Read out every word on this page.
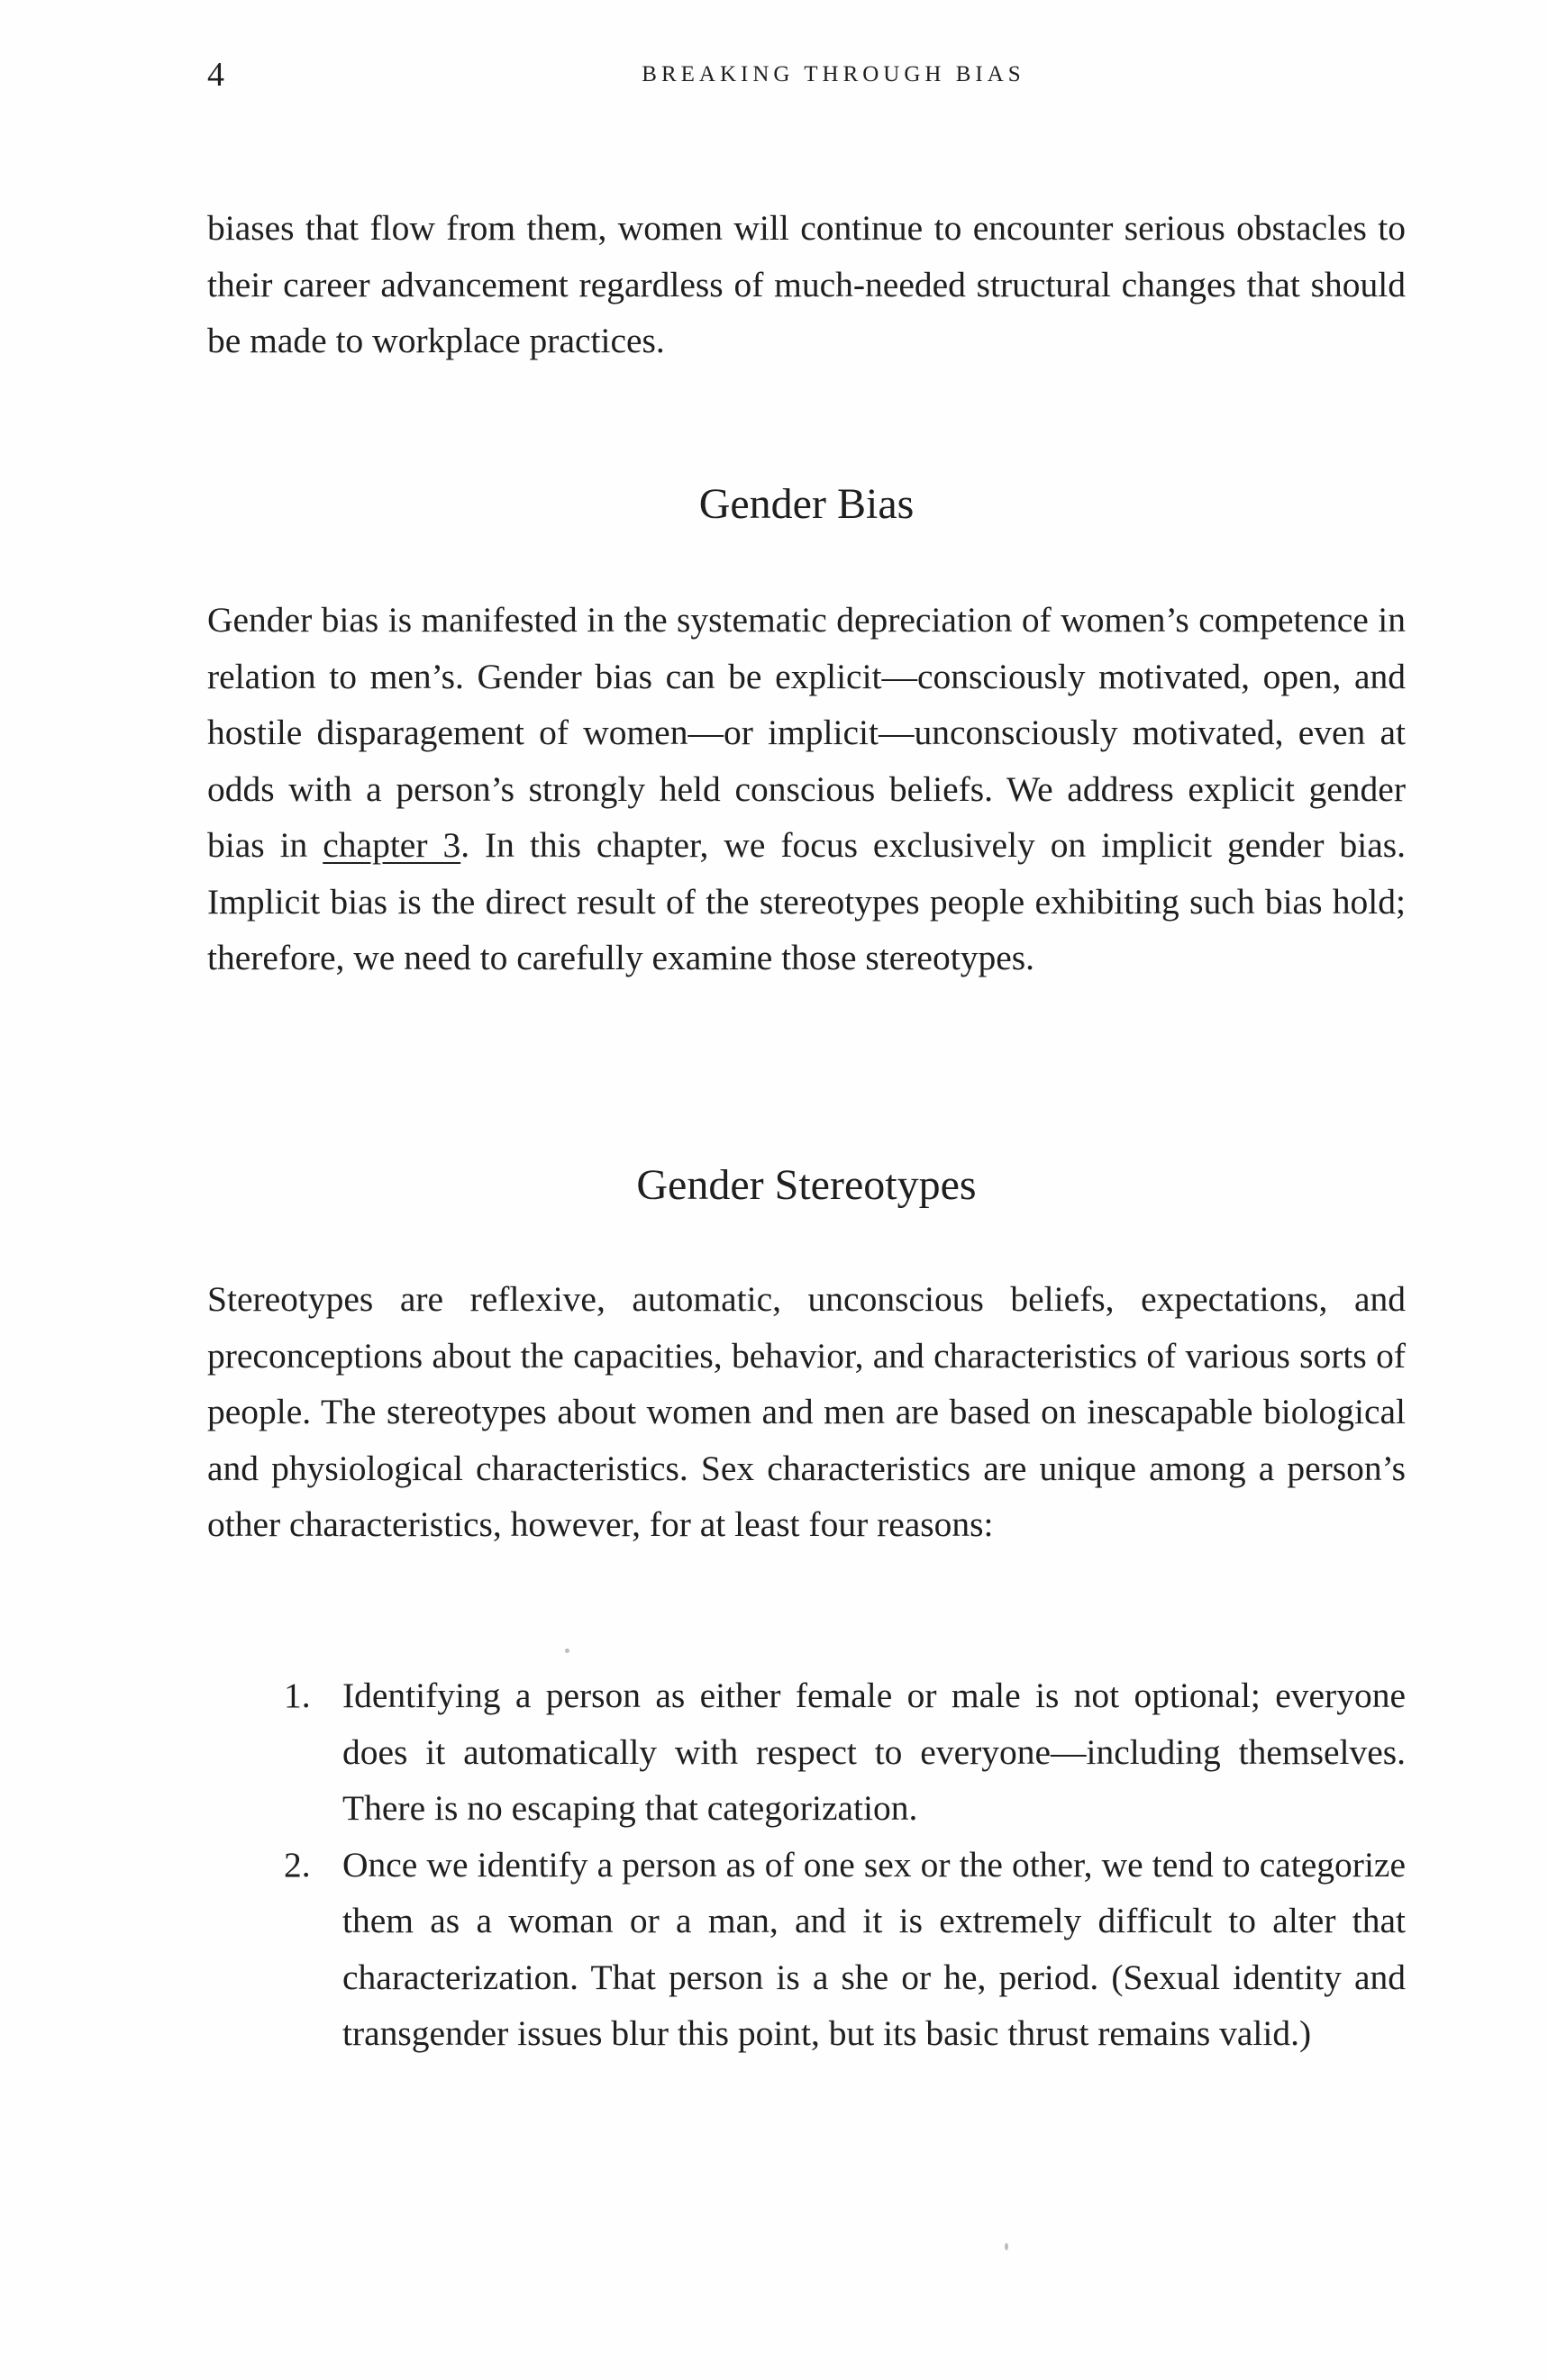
4	BREAKING THROUGH BIAS

biases that flow from them, women will continue to encounter serious obstacles to their career advancement regardless of much-needed structural changes that should be made to workplace practices.

Gender Bias

Gender bias is manifested in the systematic depreciation of women’s competence in relation to men’s. Gender bias can be explicit—consciously motivated, open, and hostile disparagement of women—or implicit—unconsciously motivated, even at odds with a person’s strongly held conscious beliefs. We address explicit gender bias in chapter 3. In this chapter, we focus exclusively on implicit gender bias. Implicit bias is the direct result of the stereotypes people exhibiting such bias hold; therefore, we need to carefully examine those stereotypes.

Gender Stereotypes

Stereotypes are reflexive, automatic, unconscious beliefs, expectations, and preconceptions about the capacities, behavior, and characteristics of various sorts of people. The stereotypes about women and men are based on inescapable biological and physiological characteristics. Sex characteristics are unique among a person’s other characteristics, however, for at least four reasons:

1. Identifying a person as either female or male is not optional; everyone does it automatically with respect to everyone—including themselves. There is no escaping that categorization.
2. Once we identify a person as of one sex or the other, we tend to categorize them as a woman or a man, and it is extremely difficult to alter that characterization. That person is a she or he, period. (Sexual identity and transgender issues blur this point, but its basic thrust remains valid.)
